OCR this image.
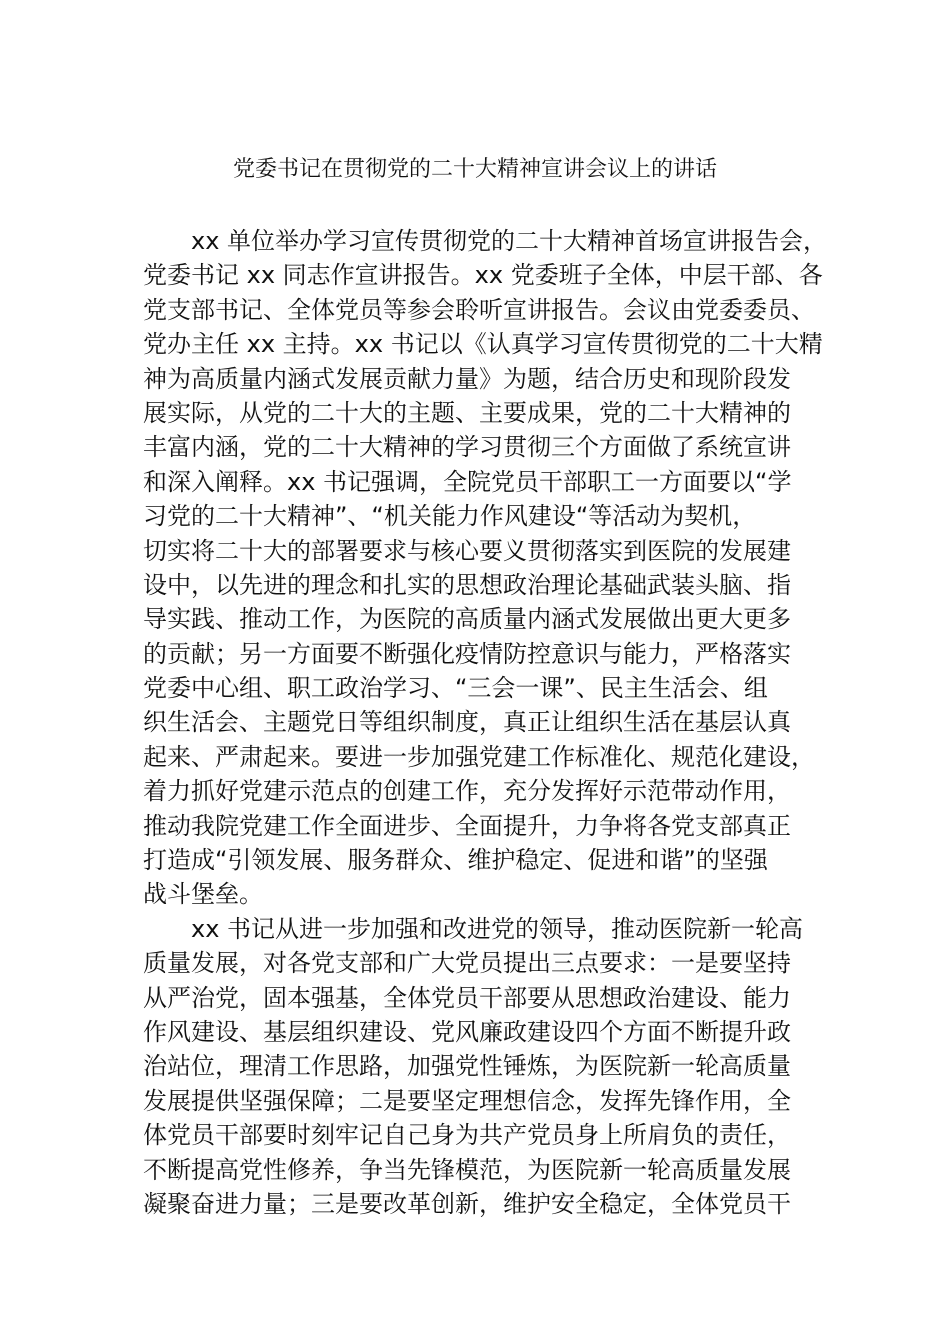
党委书记在贯彻党的二十大精神宣讲会议上的讲话
xx 单位举办学习宣传贯彻党的二十大精神首场宣讲报告会，
党委书记 xx 同志作宣讲报告。xx 党委班子全体，中层干部、各
党支部书记、全体党员等参会聆听宣讲报告。会议由党委委员、
党办主任 xx 主持。xx 书记以《认真学习宣传贯彻党的二十大精
神为高质量内涵式发展贡献力量》为题，结合历史和现阶段发
展实际，从党的二十大的主题、主要成果，党的二十大精神的
丰富内涵，党的二十大精神的学习贯彻三个方面做了系统宣讲
和深入阐释。xx 书记强调，全院党员干部职工一方面要以“学
习党的二十大精神”、“机关能力作风建设“等活动为契机，
切实将二十大的部署要求与核心要义贯彻落实到医院的发展建
设中，以先进的理念和扎实的思想政治理论基础武装头脑、指
导实践、推动工作，为医院的高质量内涵式发展做出更大更多
的贡献；另一方面要不断强化疫情防控意识与能力，严格落实
党委中心组、职工政治学习、“三会一课”、民主生活会、组
织生活会、主题党日等组织制度，真正让组织生活在基层认真
起来、严肃起来。要进一步加强党建工作标准化、规范化建设，
着力抓好党建示范点的创建工作，充分发挥好示范带动作用，
推动我院党建工作全面进步、全面提升，力争将各党支部真正
打造成“引领发展、服务群众、维护稳定、促进和谐”的坚强
战斗堡垒。
xx 书记从进一步加强和改进党的领导，推动医院新一轮高
质量发展，对各党支部和广大党员提出三点要求：一是要坚持
从严治党，固本强基，全体党员干部要从思想政治建设、能力
作风建设、基层组织建设、党风廉政建设四个方面不断提升政
治站位，理清工作思路，加强党性锤炼，为医院新一轮高质量
发展提供坚强保障；二是要坚定理想信念，发挥先锋作用，全
体党员干部要时刻牢记自己身为共产党员身上所肩负的责任，
不断提高党性修养，争当先锋模范，为医院新一轮高质量发展
凝聚奋进力量；三是要改革创新，维护安全稳定，全体党员干
